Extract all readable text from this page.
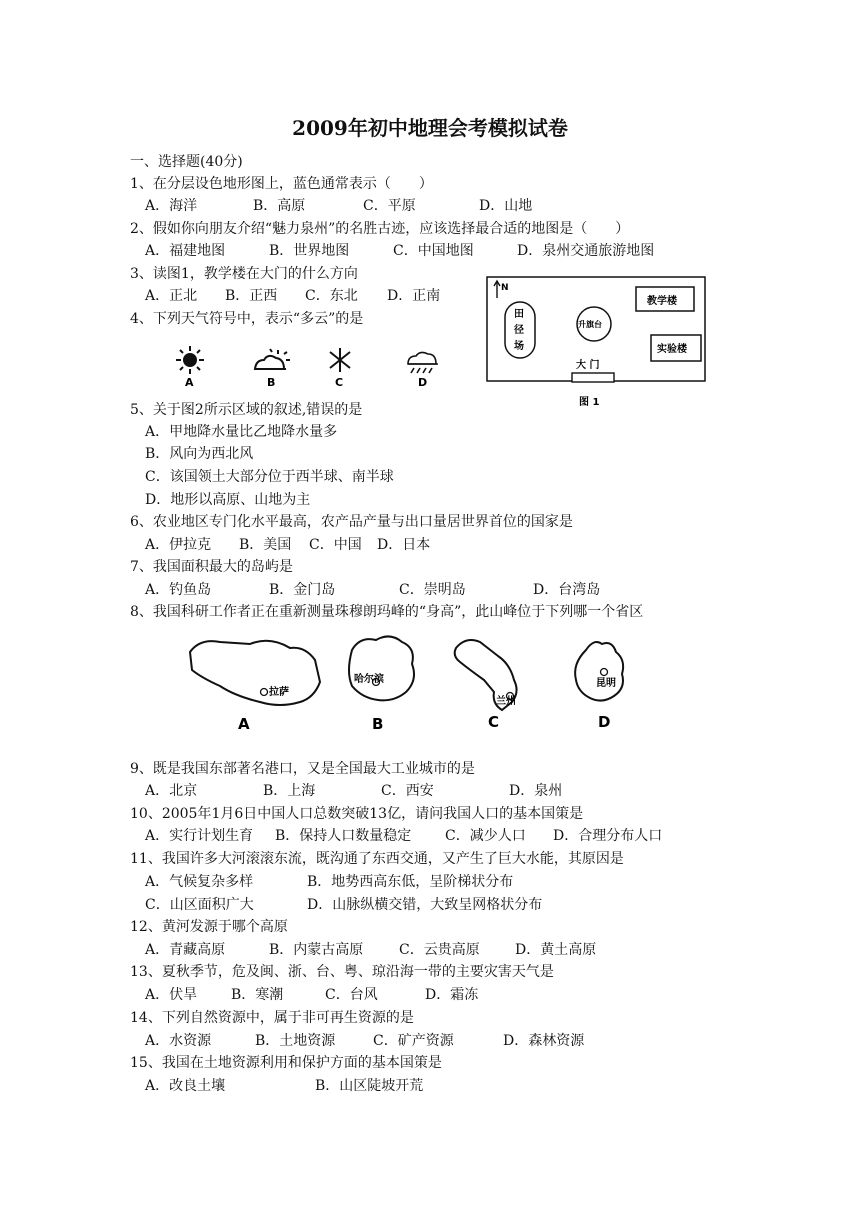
2009年初中地理会考模拟试卷
一、选择题(40分)
1、在分层设色地形图上，蓝色通常表示（　　）
A．海洋	B．高原	C．平原	D．山地
2、假如你向朋友介绍“魅力泉州”的名胜古迹，应该选择最合适的地图是（　　）
A．福建地图	B．世界地图	C．中国地图	D．泉州交通旅游地图
3、读图1，教学楼在大门的什么方向
A．正北 B．正西 C．东北 D．正南
4、下列天气符号中，表示“多云”的是
A	B	C	D
N
田
径
场
升旗台
教学楼
实验楼
大 门
图 1
5、关于图2所示区域的叙述,错误的是
A．甲地降水量比乙地降水量多
B．风向为西北风
C．该国领土大部分位于西半球、南半球
D．地形以高原、山地为主
6、农业地区专门化水平最高，农产品产量与出口量居世界首位的国家是
A．伊拉克 B．美国 C．中国 D．日本
7、我国面积最大的岛屿是
A．钓鱼岛	B．金门岛	C．崇明岛	D．台湾岛
8、我国科研工作者正在重新测量珠穆朗玛峰的“身高”，此山峰位于下列哪一个省区
拉萨
A
哈尔滨
B
兰州
C
昆明
D
9、既是我国东部著名港口，又是全国最大工业城市的是
A．北京	B．上海	C．西安	D．泉州
10、2005年1月6日中国人口总数突破13亿，请问我国人口的基本国策是
A．实行计划生育 B．保持人口数量稳定 C．减少人口 D．合理分布人口
11、我国许多大河滚滚东流，既沟通了东西交通，又产生了巨大水能，其原因是
A．气候复杂多样	B．地势西高东低，呈阶梯状分布
C．山区面积广大	D．山脉纵横交错，大致呈网格状分布
12、黄河发源于哪个高原
A．青藏高原	B．内蒙古高原	C．云贵高原	D．黄土高原
13、夏秋季节，危及闽、浙、台、粤、琼沿海一带的主要灾害天气是
A．伏旱 B．寒潮	C．台风	D．霜冻
14、下列自然资源中，属于非可再生资源的是
A．水资源	B．土地资源	C．矿产资源	D．森林资源
15、我国在土地资源利用和保护方面的基本国策是
A．改良土壤	B．山区陡坡开荒
